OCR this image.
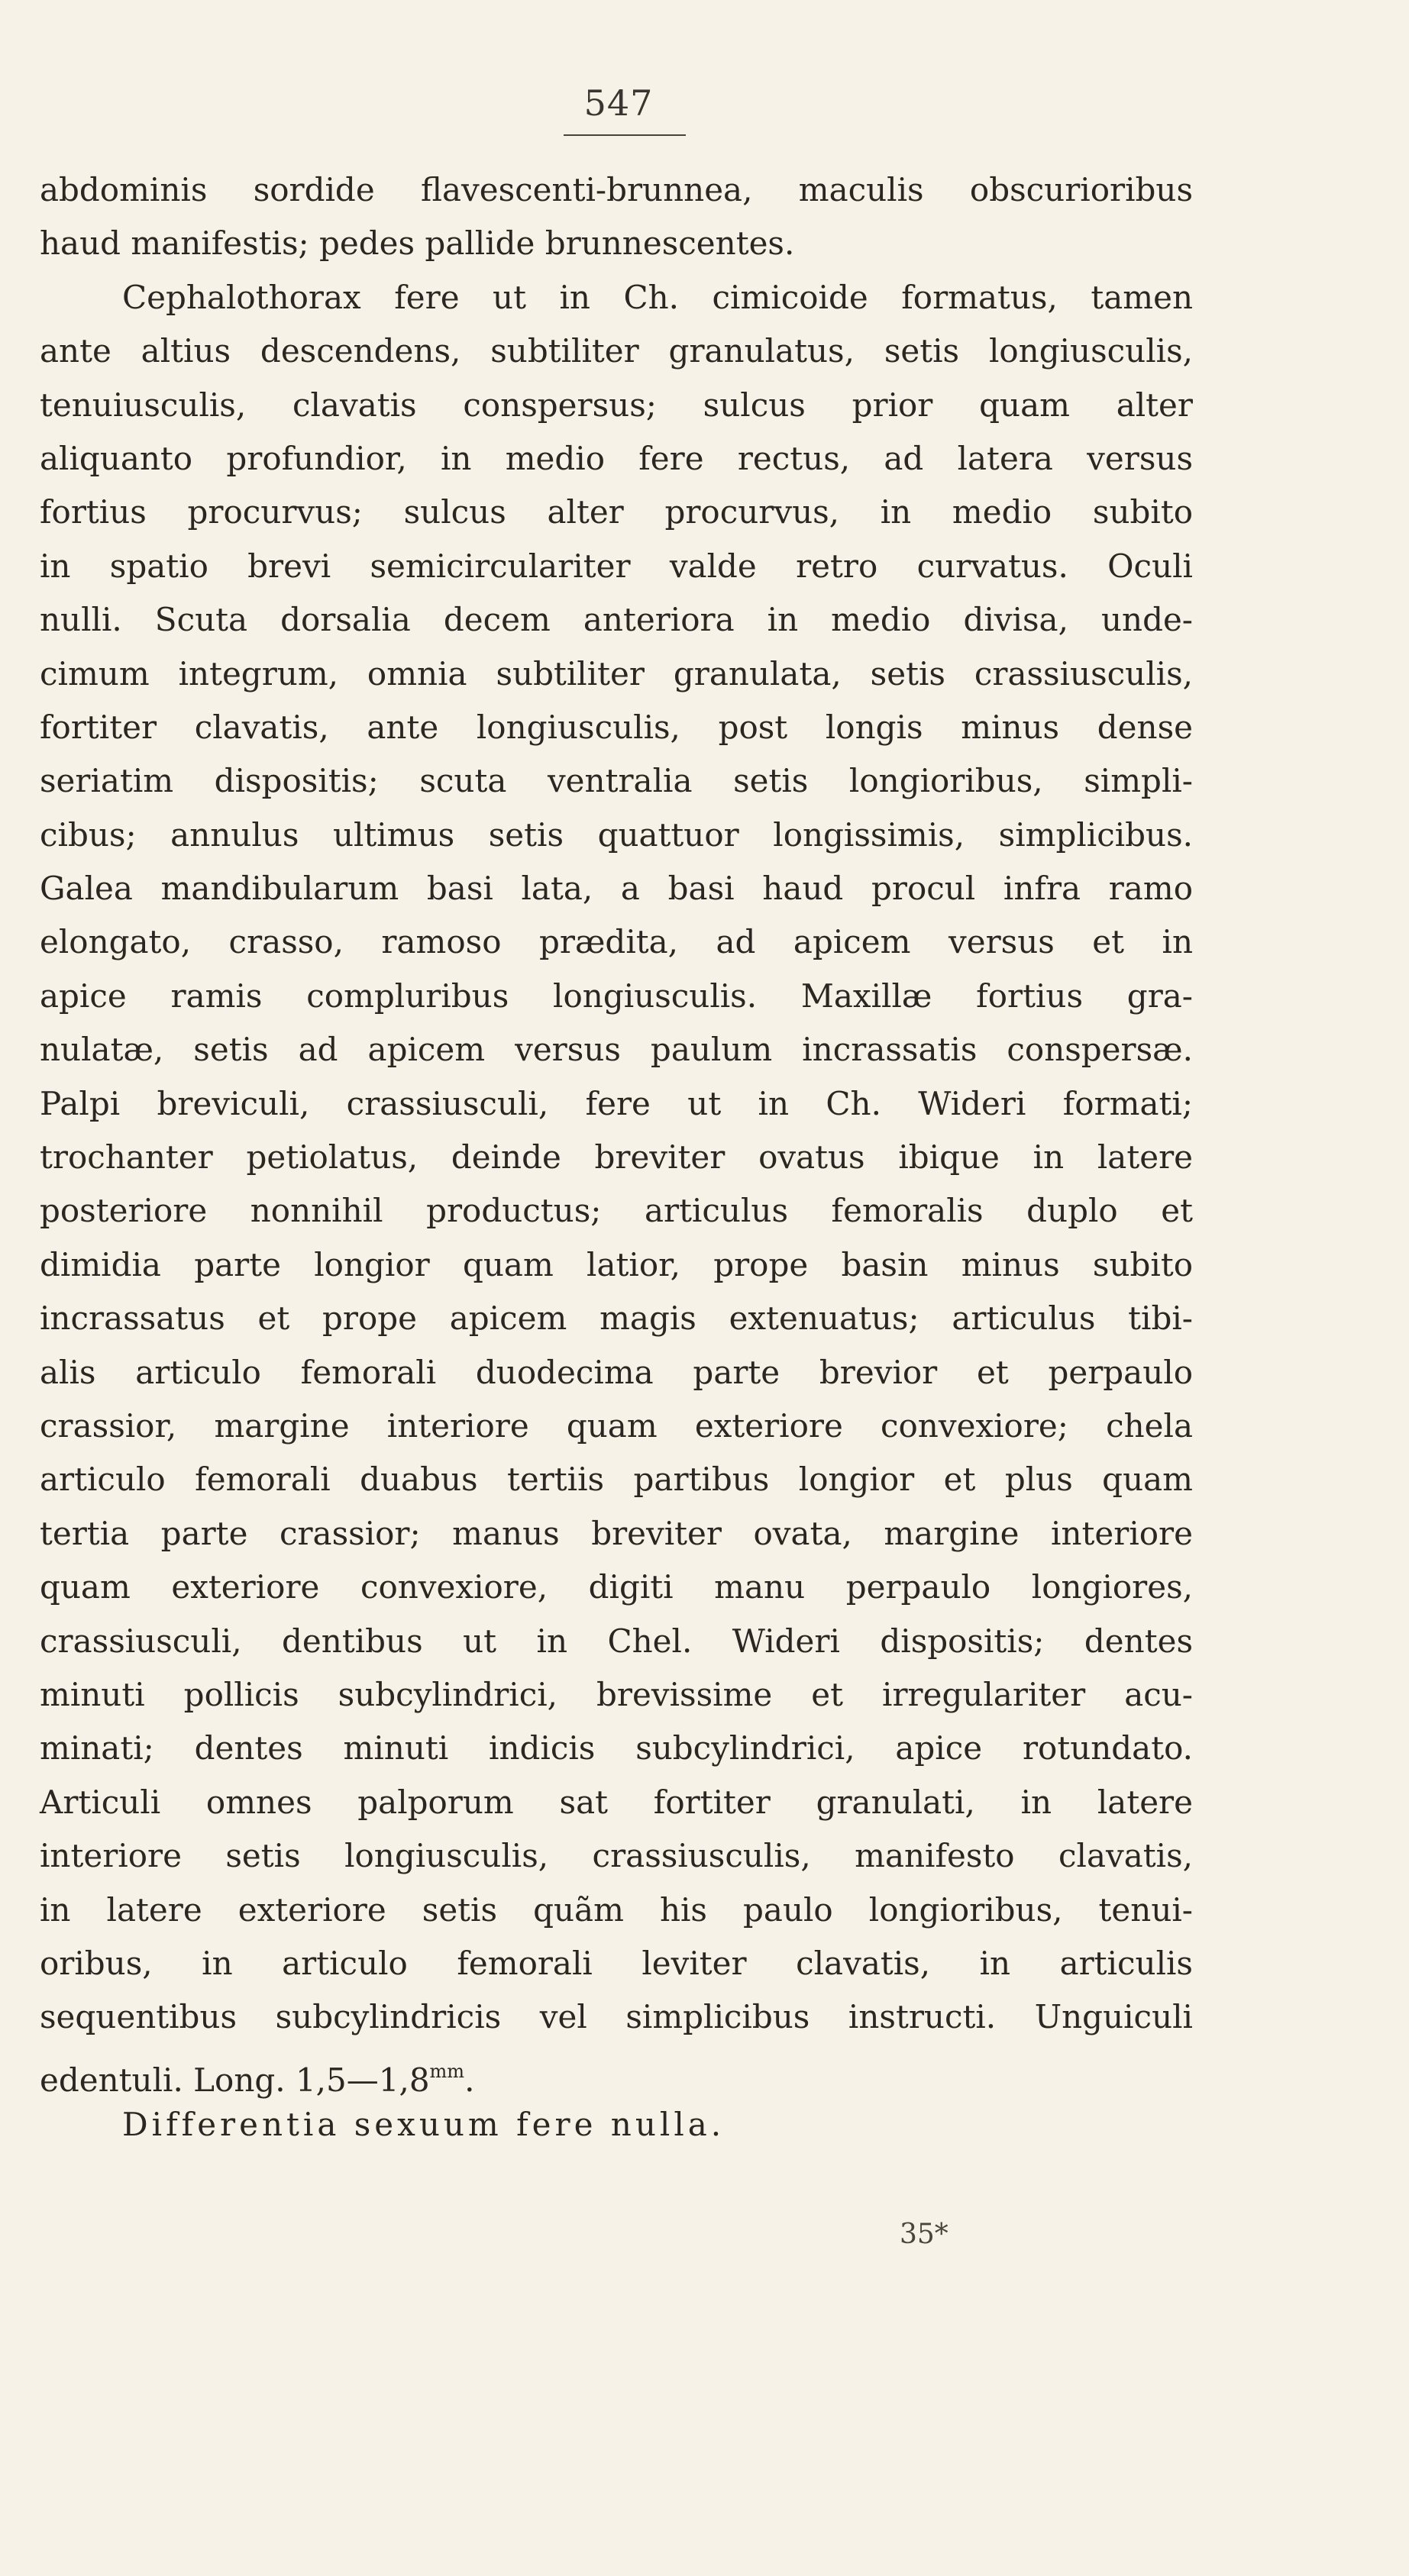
547
abdominis sordide flavescenti-brunnea, maculis obscurioribus
haud manifestis; pedes pallide brunnescentes.
Cephalothorax fere ut in Ch. cimicoide formatus, tamen
ante altius descendens, subtiliter granulatus, setis longiusculis,
tenuiusculis, clavatis conspersus; sulcus prior quam alter
aliquanto profundior, in medio fere rectus, ad latera versus
fortius procurvus; sulcus alter procurvus, in medio subito
in spatio brevi semicirculariter valde retro curvatus. Oculi
nulli. Scuta dorsalia decem anteriora in medio divisa, unde-
cimum integrum, omnia subtiliter granulata, setis crassiusculis,
fortiter clavatis, ante longiusculis, post longis minus dense
seriatim dispositis; scuta ventralia setis longioribus, simpli-
cibus; annulus ultimus setis quattuor longissimis, simplicibus.
Galea mandibularum basi lata, a basi haud procul infra ramo
elongato, crasso, ramoso prædita, ad apicem versus et in
apice ramis compluribus longiusculis. Maxillæ fortius gra-
nulatæ, setis ad apicem versus paulum incrassatis conspersæ.
Palpi breviculi, crassiusculi, fere ut in Ch. Wideri formati;
trochanter petiolatus, deinde breviter ovatus ibique in latere
posteriore nonnihil productus; articulus femoralis duplo et
dimidia parte longior quam latior, prope basin minus subito
incrassatus et prope apicem magis extenuatus; articulus tibi-
alis articulo femorali duodecima parte brevior et perpaulo
crassior, margine interiore quam exteriore convexiore; chela
articulo femorali duabus tertiis partibus longior et plus quam
tertia parte crassior; manus breviter ovata, margine interiore
quam exteriore convexiore, digiti manu perpaulo longiores,
crassiusculi, dentibus ut in Chel. Wideri dispositis; dentes
minuti pollicis subcylindrici, brevissime et irregulariter acu-
minati; dentes minuti indicis subcylindrici, apice rotundato.
Articuli omnes palporum sat fortiter granulati, in latere
interiore setis longiusculis, crassiusculis, manifesto clavatis,
in latere exteriore setis quãm his paulo longioribus, tenui-
oribus, in articulo femorali leviter clavatis, in articulis
sequentibus subcylindricis vel simplicibus instructi. Unguiculi
edentuli. Long. $1,5—1,8^{mm}$.
Differentia sexuum fere nulla.
35*
